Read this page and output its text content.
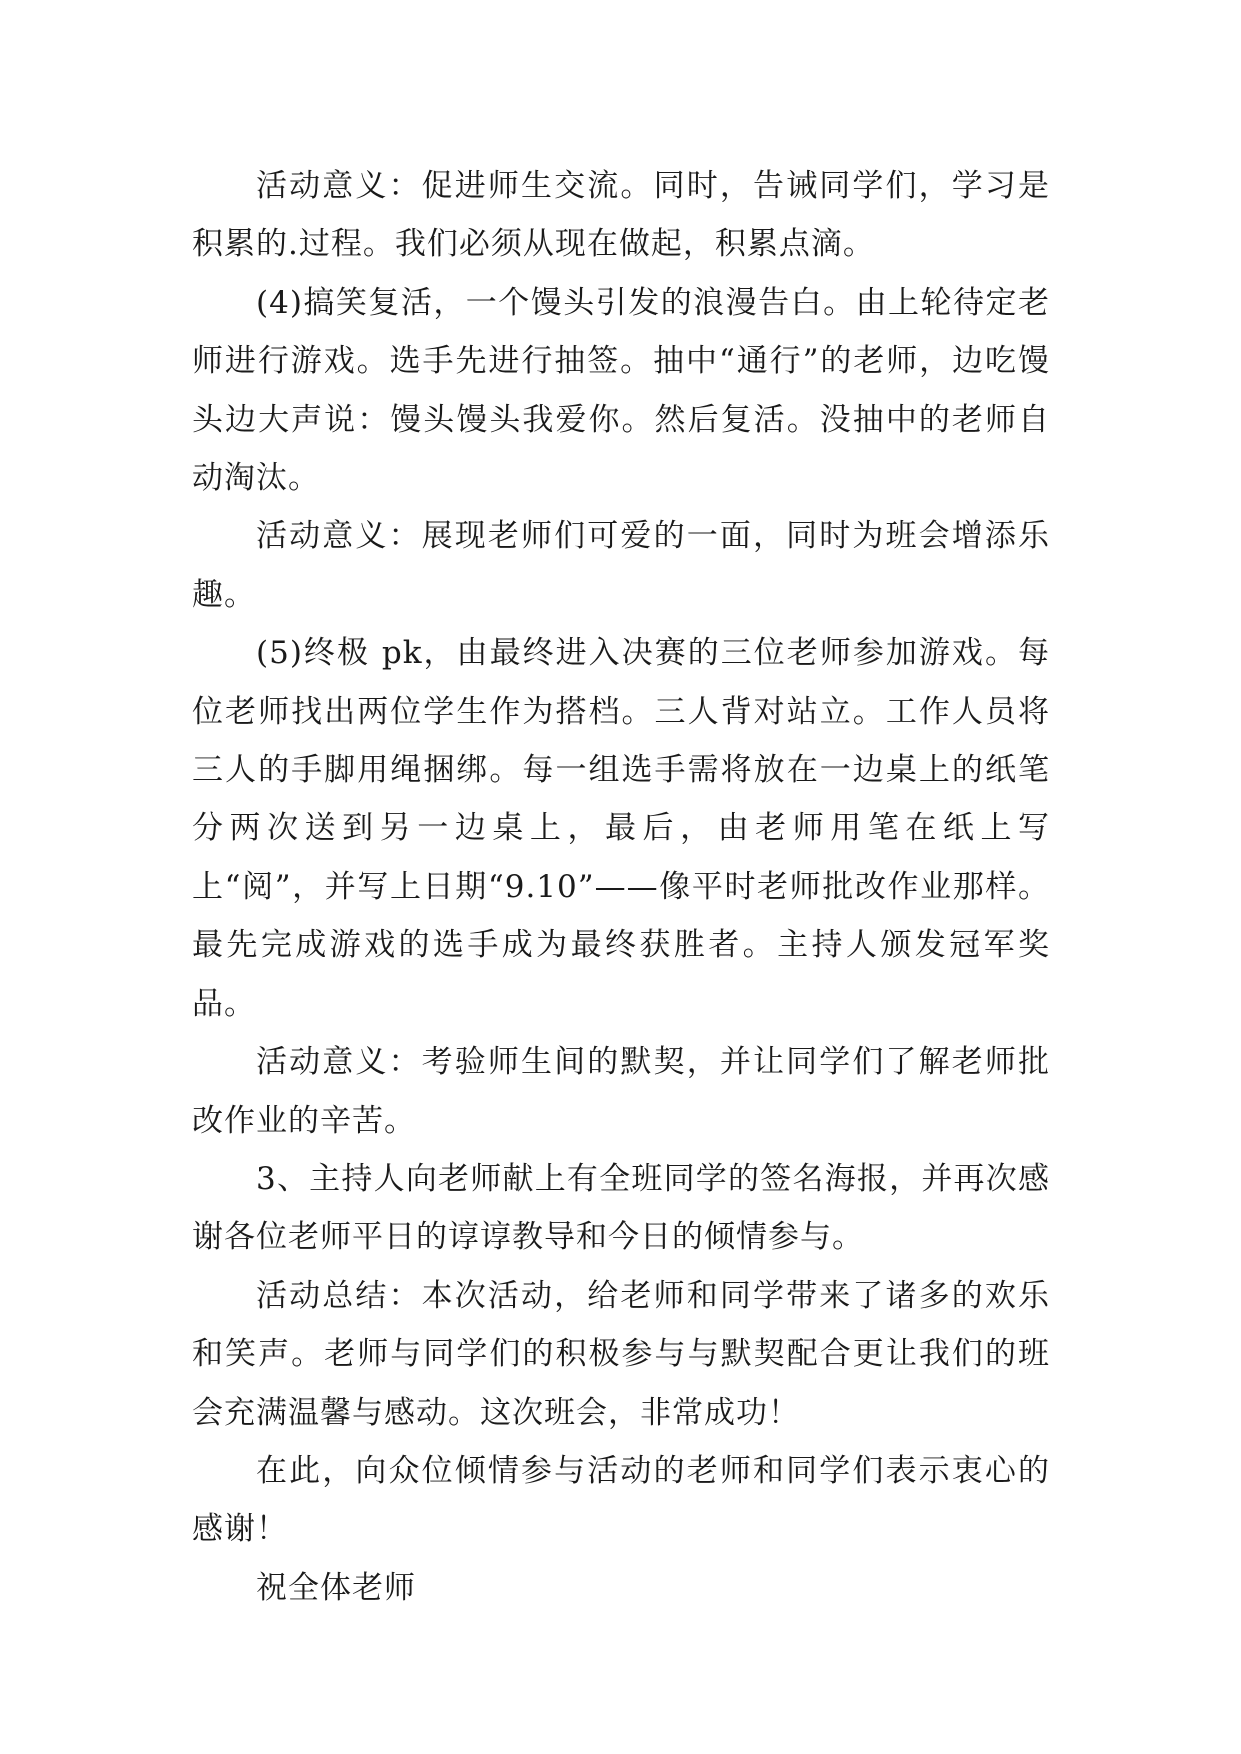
活动意义：促进师生交流。同时，告诫同学们，学习是积累的.过程。我们必须从现在做起，积累点滴。

(4)搞笑复活，一个馒头引发的浪漫告白。由上轮待定老师进行游戏。选手先进行抽签。抽中“通行”的老师，边吃馒头边大声说：馒头馒头我爱你。然后复活。没抽中的老师自动淘汰。

活动意义：展现老师们可爱的一面，同时为班会增添乐趣。

(5)终极 pk，由最终进入决赛的三位老师参加游戏。每位老师找出两位学生作为搭档。三人背对站立。工作人员将三人的手脚用绳捆绑。每一组选手需将放在一边桌上的纸笔分两次送到另一边桌上，最后，由老师用笔在纸上写上“阅”，并写上日期“9.10”——像平时老师批改作业那样。最先完成游戏的选手成为最终获胜者。主持人颁发冠军奖品。

活动意义：考验师生间的默契，并让同学们了解老师批改作业的辛苦。

3、主持人向老师献上有全班同学的签名海报，并再次感谢各位老师平日的谆谆教导和今日的倾情参与。

活动总结：本次活动，给老师和同学带来了诸多的欢乐和笑声。老师与同学们的积极参与与默契配合更让我们的班会充满温馨与感动。这次班会，非常成功！

在此，向众位倾情参与活动的老师和同学们表示衷心的感谢！

祝全体老师
